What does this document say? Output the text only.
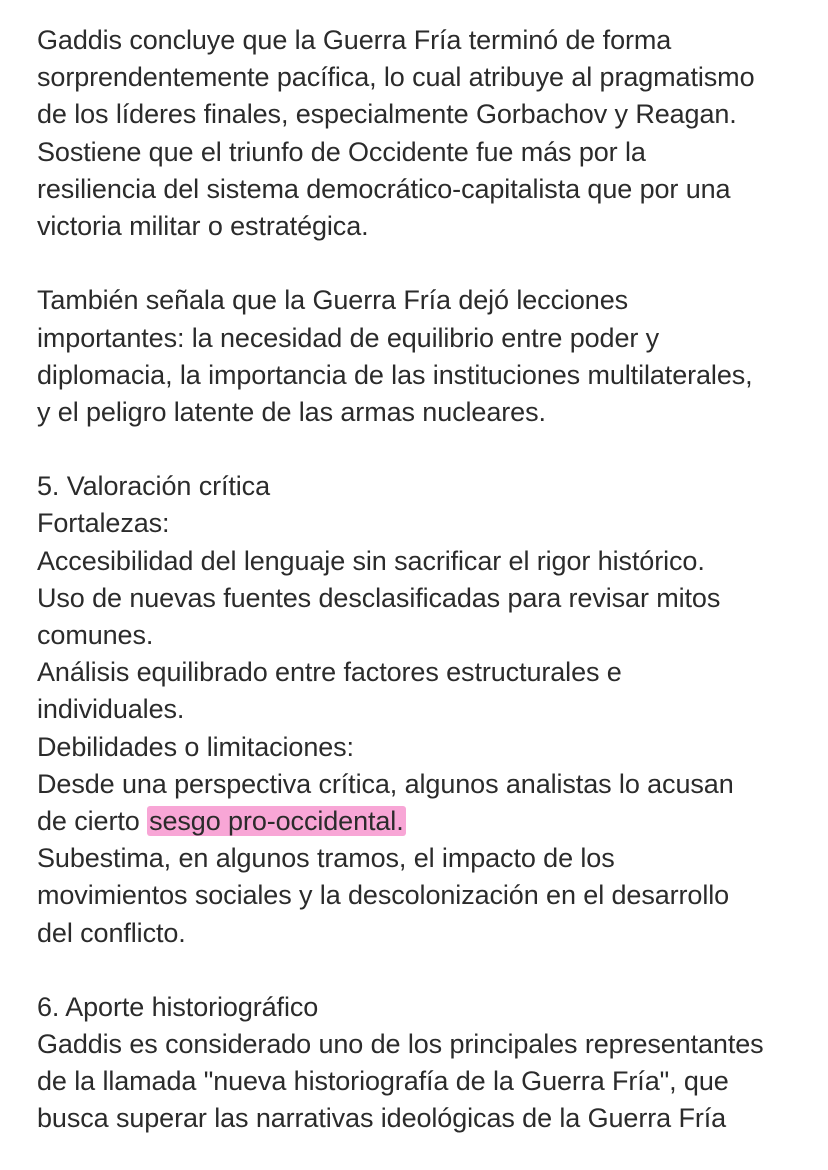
Gaddis concluye que la Guerra Fría terminó de forma
sorprendentemente pacífica, lo cual atribuye al pragmatismo
de los líderes finales, especialmente Gorbachov y Reagan.
Sostiene que el triunfo de Occidente fue más por la
resiliencia del sistema democrático-capitalista que por una
victoria militar o estratégica.
También señala que la Guerra Fría dejó lecciones
importantes: la necesidad de equilibrio entre poder y
diplomacia, la importancia de las instituciones multilaterales,
y el peligro latente de las armas nucleares.
5. Valoración crítica
Fortalezas:
Accesibilidad del lenguaje sin sacrificar el rigor histórico.
Uso de nuevas fuentes desclasificadas para revisar mitos
comunes.
Análisis equilibrado entre factores estructurales e
individuales.
Debilidades o limitaciones:
Desde una perspectiva crítica, algunos analistas lo acusan
de cierto sesgo pro-occidental.
Subestima, en algunos tramos, el impacto de los
movimientos sociales y la descolonización en el desarrollo
del conflicto.
6. Aporte historiográfico
Gaddis es considerado uno de los principales representantes
de la llamada "nueva historiografía de la Guerra Fría", que
busca superar las narrativas ideológicas de la Guerra Fría
